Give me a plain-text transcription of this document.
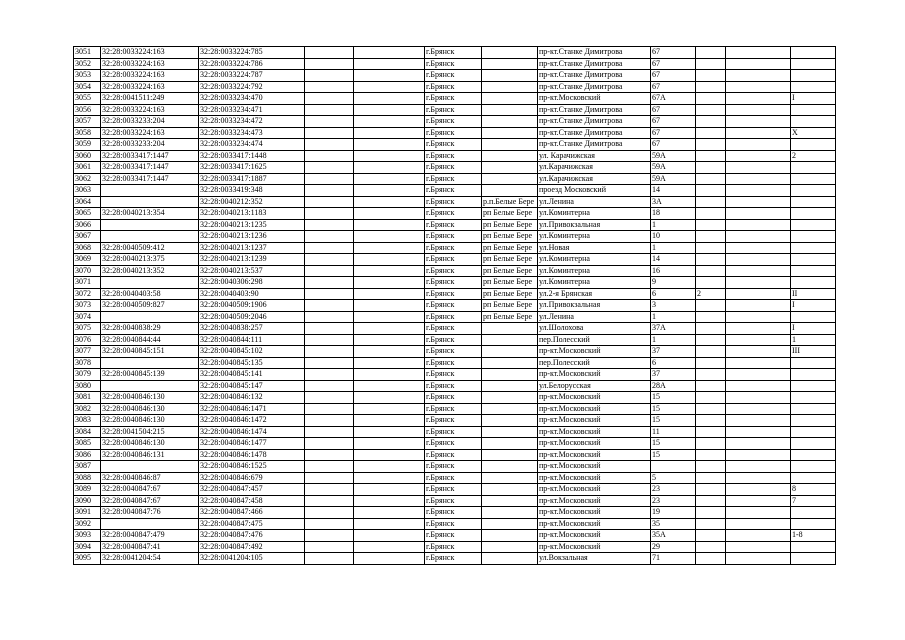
3051	32:28:0033224:163	32:28:0033224:785			г.Брянск		пр-кт.Станке Димитрова	67			
3052	32:28:0033224:163	32:28:0033224:786			г.Брянск		пр-кт.Станке Димитрова	67			
3053	32:28:0033224:163	32:28:0033224:787			г.Брянск		пр-кт.Станке Димитрова	67			
3054	32:28:0033224:163	32:28:0033224:792			г.Брянск		пр-кт.Станке Димитрова	67			
3055	32:28:0041511:249	32:28:0033234:470			г.Брянск		пр-кт.Московский	67А			I
3056	32:28:0033224:163	32:28:0033234:471			г.Брянск		пр-кт.Станке Димитрова	67			
3057	32:28:0033233:204	32:28:0033234:472			г.Брянск		пр-кт.Станке Димитрова	67			
3058	32:28:0033224:163	32:28:0033234:473			г.Брянск		пр-кт.Станке Димитрова	67			X
3059	32:28:0033233:204	32:28:0033234:474			г.Брянск		пр-кт.Станке Димитрова	67			
3060	32:28:0033417:1447	32:28:0033417:1448			г.Брянск		ул. Карачижская	59А			2
3061	32:28:0033417:1447	32:28:0033417:1625			г.Брянск		ул.Карачижская	59А			
3062	32:28:0033417:1447	32:28:0033417:1887			г.Брянск		ул.Карачижская	59А			
3063		32:28:0033419:348			г.Брянск		проезд Московский	14			
3064		32:28:0040212:352			г.Брянск	р.п.Белые Бере	ул.Ленина	3А			
3065	32:28:0040213:354	32:28:0040213:1183			г.Брянск	рп Белые Бере	ул.Коминтерна	18			
3066		32:28:0040213:1235			г.Брянск	рп Белые Бере	ул.Привокзальная	1			
3067		32:28:0040213:1236			г.Брянск	рп Белые Бере	ул.Коминтерна	10			
3068	32:28:0040509:412	32:28:0040213:1237			г.Брянск	рп Белые Бере	ул.Новая	1			
3069	32:28:0040213:375	32:28:0040213:1239			г.Брянск	рп Белые Бере	ул.Коминтерна	14			
3070	32:28:0040213:352	32:28:0040213:537			г.Брянск	рп Белые Бере	ул.Коминтерна	16			
3071		32:28:0040306:298			г.Брянск	рп Белые Бере	ул.Коминтерна	9			
3072	32:28:0040403:58	32:28:0040403:90			г.Брянск	рп Белые Бере	ул.2-я Брянская	6	2		II
3073	32:28:0040509:827	32:28:0040509:1906			г.Брянск	рп Белые Бере	ул.Привокзальная	3			I
3074		32:28:0040509:2046			г.Брянск	рп Белые Бере	ул.Ленина	1			
3075	32:28:0040838:29	32:28:0040838:257			г.Брянск		ул.Шолохова	37А			I
3076	32:28:0040844:44	32:28:0040844:111			г.Брянск		пер.Полесский	1			1
3077	32:28:0040845:151	32:28:0040845:102			г.Брянск		пр-кт.Московский	37			III
3078		32:28:0040845:135			г.Брянск		пер.Полесский	6			
3079	32:28:0040845:139	32:28:0040845:141			г.Брянск		пр-кт.Московский	37			
3080		32:28:0040845:147			г.Брянск		ул.Белорусская	28А			
3081	32:28:0040846:130	32:28:0040846:132			г.Брянск		пр-кт.Московский	15			
3082	32:28:0040846:130	32:28:0040846:1471			г.Брянск		пр-кт.Московский	15			
3083	32:28:0040846:130	32:28:0040846:1472			г.Брянск		пр-кт.Московский	15			
3084	32:28:0041504:215	32:28:0040846:1474			г.Брянск		пр-кт.Московский	11			
3085	32:28:0040846:130	32:28:0040846:1477			г.Брянск		пр-кт.Московский	15			
3086	32:28:0040846:131	32:28:0040846:1478			г.Брянск		пр-кт.Московский	15			
3087		32:28:0040846:1525			г.Брянск		пр-кт.Московский				
3088	32:28:0040846:87	32:28:0040846:679			г.Брянск		пр-кт.Московский	5			
3089	32:28:0040847:67	32:28:0040847:457			г.Брянск		пр-кт.Московский	23			8
3090	32:28:0040847:67	32:28:0040847:458			г.Брянск		пр-кт.Московский	23			7
3091	32:28:0040847:76	32:28:0040847:466			г.Брянск		пр-кт.Московский	19			
3092		32:28:0040847:475			г.Брянск		пр-кт.Московский	35			
3093	32:28:0040847:479	32:28:0040847:476			г.Брянск		пр-кт.Московский	35А			1-8
3094	32:28:0040847:41	32:28:0040847:492			г.Брянск		пр-кт.Московский	29			
3095	32:28:0041204:54	32:28:0041204:105			г.Брянск		ул.Вокзальная	71			
